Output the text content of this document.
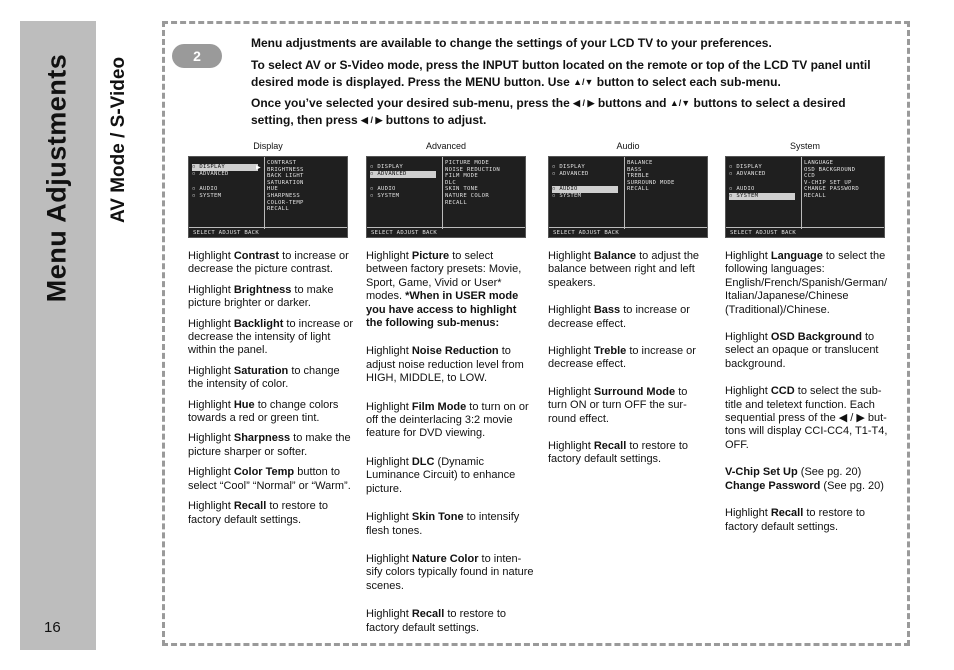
Menu Adjustments
16
AV Mode / S-Video
2
Menu adjustments are available to change the settings of your LCD TV to your preferences.
To select AV or S-Video mode, press the INPUT button located on the remote or top of the LCD TV panel until desired mode is displayed. Press the MENU button. Use ▲/▼ button to select each sub-menu.
Once you’ve selected your desired sub-menu, press the ◀ / ▶ buttons and ▲/▼ buttons to select a desired setting, then press ◀ / ▶ buttons to adjust.
Display
▫ DISPLAY
▫ ADVANCED
▫ AUDIO
▫ SYSTEM
▶
CONTRAST
BRIGHTNESS
BACK LIGHT
SATURATION
HUE
SHARPNESS
COLOR-TEMP
RECALL
SELECT ADJUST BACK

Highlight Contrast to increase or decrease the picture contrast.

Highlight Brightness to make picture brighter or darker.

Highlight Backlight to increase or decrease the intensity of light within the panel.

Highlight Saturation to change the intensity of color.

Highlight Hue to change colors towards a red or green tint.

Highlight Sharpness to make the picture sharper or softer.

Highlight Color Temp button to select “Cool” “Normal” or “Warm”.

Highlight Recall to restore to factory default settings.

Advanced
▫ DISPLAY
▫ ADVANCED
▫ AUDIO
▫ SYSTEM
PICTURE MODE
NOISE REDUCTION
FILM MODE
DLC
SKIN TONE
NATURE COLOR
RECALL
SELECT ADJUST BACK

Highlight Picture to select between factory presets: Movie, Sport, Game, Vivid or User* modes. *When in USER mode you have access to highlight the following sub-menus:

Highlight Noise Reduction to adjust noise reduction level from HIGH, MIDDLE, to LOW.

Highlight Film Mode to turn on or off the deinterlacing 3:2 movie feature for DVD viewing.

Highlight DLC (Dynamic Luminance Circuit) to enhance picture.

Highlight Skin Tone to intensify flesh tones.

Highlight Nature Color to inten-sify colors typically found in nature scenes.

Highlight Recall to restore to factory default settings.

Audio
▫ DISPLAY
▫ ADVANCED
▫ AUDIO
▫ SYSTEM
BALANCE
BASS
TREBLE
SURROUND MODE
RECALL
SELECT ADJUST BACK

Highlight Balance to adjust the balance between right and left speakers.

Highlight Bass to increase or decrease effect.

Highlight Treble to increase or decrease effect.

Highlight Surround Mode to turn ON or turn OFF the sur-round effect.

Highlight Recall to restore to factory default settings.

System
▫ DISPLAY
▫ ADVANCED
▫ AUDIO
▫ SYSTEM
LANGUAGE
OSD BACKGROUND
CCD
V-CHIP SET UP
CHANGE PASSWORD
RECALL
SELECT ADJUST BACK

Highlight Language to select the following languages: English/French/Spanish/German/ Italian/Japanese/Chinese (Traditional)/Chinese.

Highlight OSD Background to select an opaque or translucent background.

Highlight CCD to select the sub-title and teletext function. Each sequential press of the ◀ / ▶ but-tons will display CCI-CC4, T1-T4, OFF.

V-Chip Set Up (See pg. 20)
Change Password (See pg. 20)

Highlight Recall to restore to factory default settings.
